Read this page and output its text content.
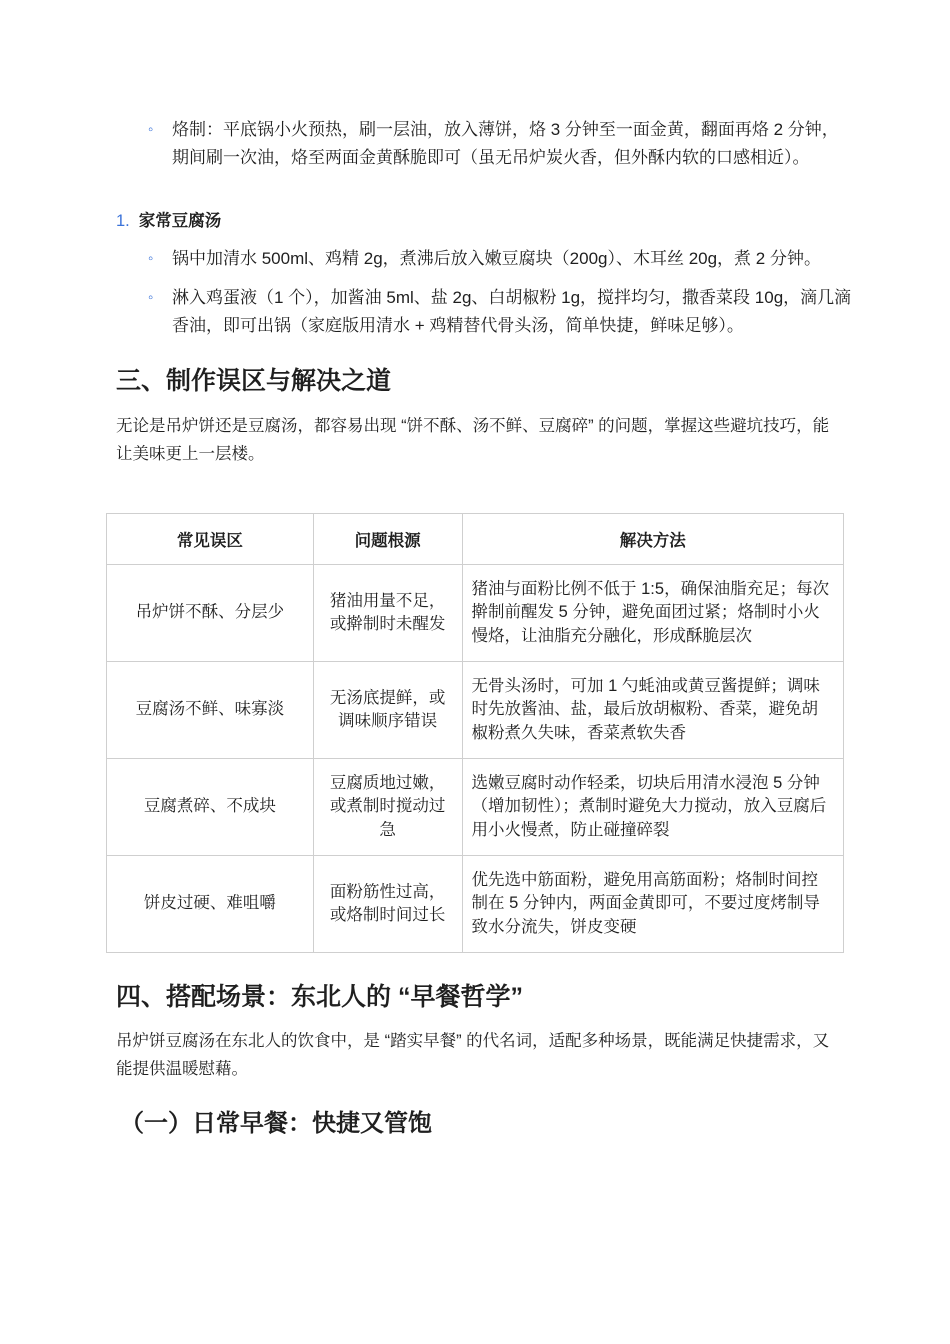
◦ 烙制：平底锅小火预热，刷一层油，放入薄饼，烙 3 分钟至一面金黄，翻面再烙 2 分钟，期间刷一次油，烙至两面金黄酥脆即可（虽无吊炉炭火香，但外酥内软的口感相近）。
1. 家常豆腐汤
◦ 锅中加清水 500ml、鸡精 2g，煮沸后放入嫩豆腐块（200g）、木耳丝 20g，煮 2 分钟。
◦ 淋入鸡蛋液（1 个），加酱油 5ml、盐 2g、白胡椒粉 1g，搅拌均匀，撒香菜段 10g，滴几滴香油，即可出锅（家庭版用清水 + 鸡精替代骨头汤，简单快捷，鲜味足够）。
三、制作误区与解决之道

无论是吊炉饼还是豆腐汤，都容易出现 “饼不酥、汤不鲜、豆腐碎” 的问题，掌握这些避坑技巧，能让美味更上一层楼。

常见误区	问题根源	解决方法
吊炉饼不酥、分层少	猪油用量不足，或擀制时未醒发	猪油与面粉比例不低于 1:5，确保油脂充足；每次擀制前醒发 5 分钟，避免面团过紧；烙制时小火慢烙，让油脂充分融化，形成酥脆层次
豆腐汤不鲜、味寡淡	无汤底提鲜，或调味顺序错误	无骨头汤时，可加 1 勺蚝油或黄豆酱提鲜；调味时先放酱油、盐，最后放胡椒粉、香菜，避免胡椒粉煮久失味，香菜煮软失香
豆腐煮碎、不成块	豆腐质地过嫩，或煮制时搅动过急	选嫩豆腐时动作轻柔，切块后用清水浸泡 5 分钟（增加韧性）；煮制时避免大力搅动，放入豆腐后用小火慢煮，防止碰撞碎裂
饼皮过硬、难咀嚼	面粉筋性过高，或烙制时间过长	优先选中筋面粉，避免用高筋面粉；烙制时间控制在 5 分钟内，两面金黄即可，不要过度烤制导致水分流失，饼皮变硬
四、搭配场景：东北人的 “早餐哲学”

吊炉饼豆腐汤在东北人的饮食中，是 “踏实早餐” 的代名词，适配多种场景，既能满足快捷需求，又能提供温暖慰藉。

（一）日常早餐：快捷又管饱
